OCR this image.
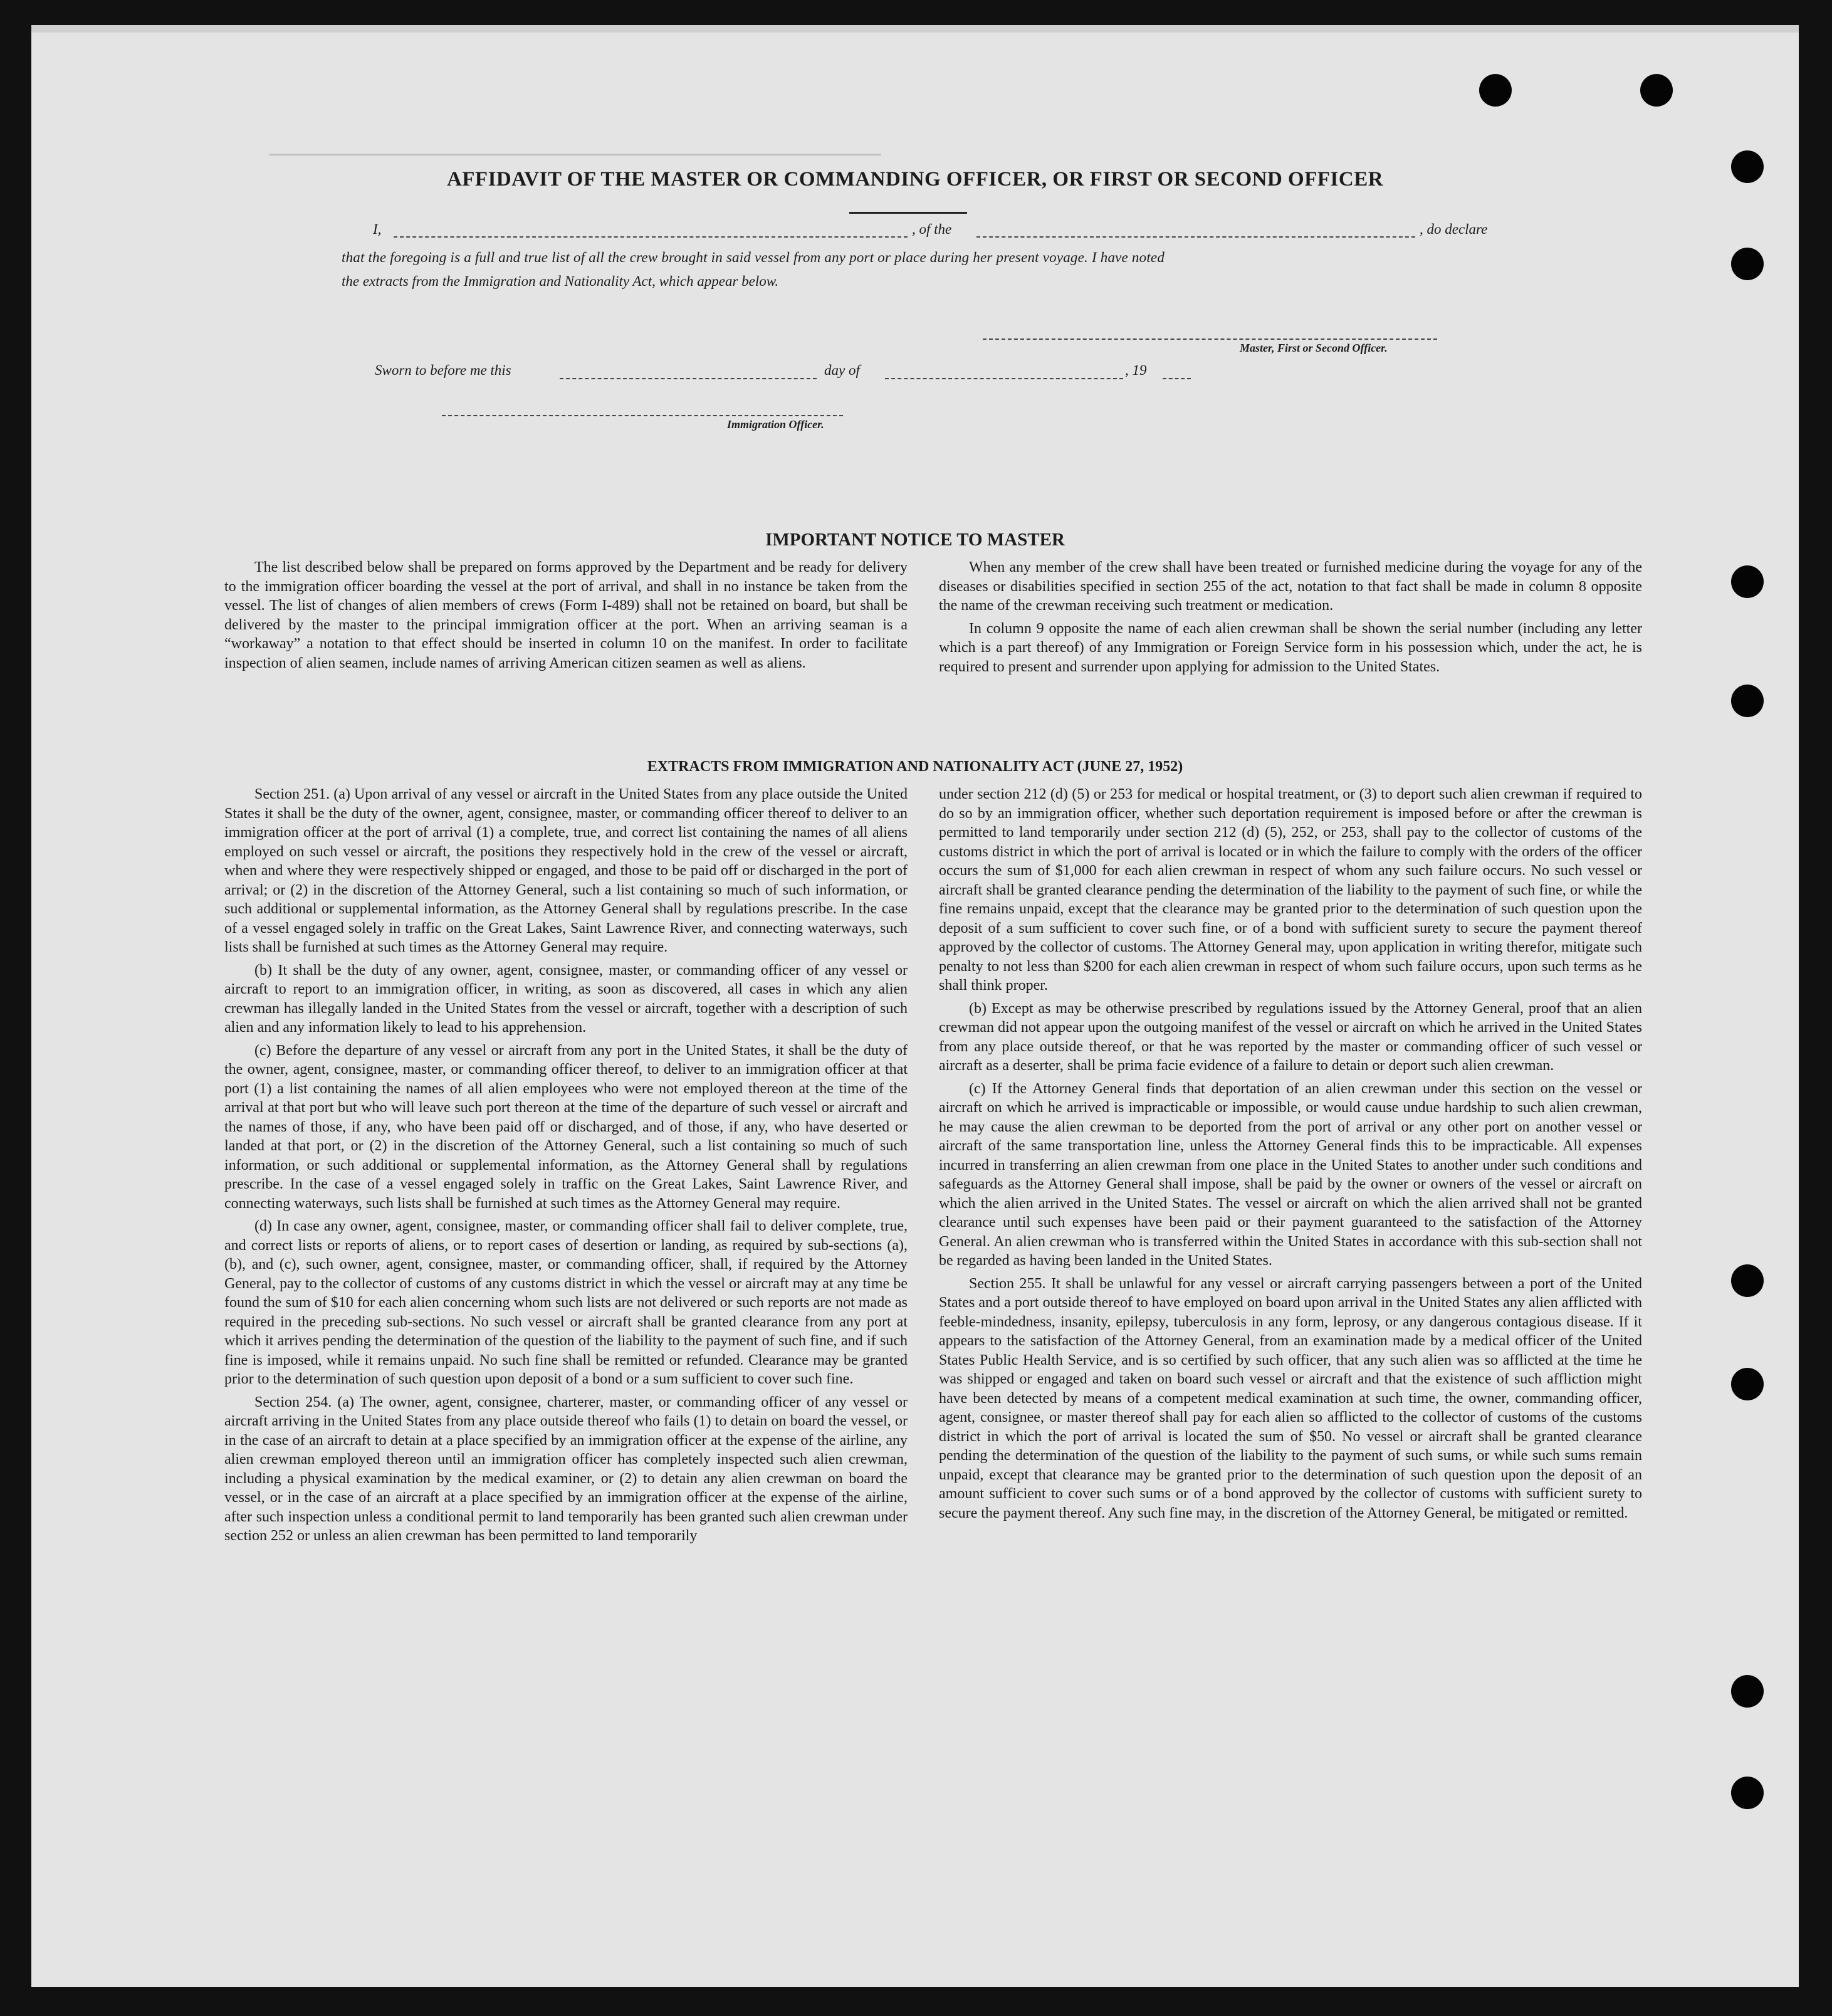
──────────────────────────────────────────────────────
AFFIDAVIT OF THE MASTER OR COMMANDING OFFICER, OR FIRST OR SECOND OFFICER
I,	, of the	, do declare
that the foregoing is a full and true list of all the crew brought in said vessel from any port or place during her present voyage. I have noted
the extracts from the Immigration and Nationality Act, which appear below.
Master, First or Second Officer.
Sworn to before me this	day of	, 19
Immigration Officer.
IMPORTANT NOTICE TO MASTER

The list described below shall be prepared on forms approved by the Department and be ready for delivery to the immigration officer boarding the vessel at the port of arrival, and shall in no instance be taken from the vessel. The list of changes of alien members of crews (Form I-489) shall not be retained on board, but shall be delivered by the master to the principal immigration officer at the port. When an arriving seaman is a “workaway” a notation to that effect should be inserted in column 10 on the manifest. In order to facilitate inspection of alien seamen, include names of arriving American citizen seamen as well as aliens.

When any member of the crew shall have been treated or furnished medicine during the voyage for any of the diseases or disabilities specified in section 255 of the act, notation to that fact shall be made in column 8 opposite the name of the crewman receiving such treatment or medication.

In column 9 opposite the name of each alien crewman shall be shown the serial number (including any letter which is a part thereof) of any Immigration or Foreign Service form in his possession which, under the act, he is required to present and surrender upon applying for admission to the United States.

EXTRACTS FROM IMMIGRATION AND NATIONALITY ACT (JUNE 27, 1952)

Section 251. (a) Upon arrival of any vessel or aircraft in the United States from any place outside the United States it shall be the duty of the owner, agent, consignee, master, or commanding officer thereof to deliver to an immigration officer at the port of arrival (1) a complete, true, and correct list containing the names of all aliens employed on such vessel or aircraft, the positions they respectively hold in the crew of the vessel or aircraft, when and where they were respectively shipped or engaged, and those to be paid off or discharged in the port of arrival; or (2) in the discretion of the Attorney General, such a list containing so much of such information, or such additional or supplemental information, as the Attorney General shall by regulations prescribe. In the case of a vessel engaged solely in traffic on the Great Lakes, Saint Lawrence River, and connecting waterways, such lists shall be furnished at such times as the Attorney General may require.

(b) It shall be the duty of any owner, agent, consignee, master, or commanding officer of any vessel or aircraft to report to an immigration officer, in writing, as soon as discovered, all cases in which any alien crewman has illegally landed in the United States from the vessel or aircraft, together with a description of such alien and any information likely to lead to his apprehension.

(c) Before the departure of any vessel or aircraft from any port in the United States, it shall be the duty of the owner, agent, consignee, master, or commanding officer thereof, to deliver to an immigration officer at that port (1) a list containing the names of all alien employees who were not employed thereon at the time of the arrival at that port but who will leave such port thereon at the time of the departure of such vessel or aircraft and the names of those, if any, who have been paid off or discharged, and of those, if any, who have deserted or landed at that port, or (2) in the discretion of the Attorney General, such a list containing so much of such information, or such additional or supplemental information, as the Attorney General shall by regulations prescribe. In the case of a vessel engaged solely in traffic on the Great Lakes, Saint Lawrence River, and connecting waterways, such lists shall be furnished at such times as the Attorney General may require.

(d) In case any owner, agent, consignee, master, or commanding officer shall fail to deliver complete, true, and correct lists or reports of aliens, or to report cases of desertion or landing, as required by sub-sections (a), (b), and (c), such owner, agent, consignee, master, or commanding officer, shall, if required by the Attorney General, pay to the collector of customs of any customs district in which the vessel or aircraft may at any time be found the sum of $10 for each alien concerning whom such lists are not delivered or such reports are not made as required in the preceding sub-sections. No such vessel or aircraft shall be granted clearance from any port at which it arrives pending the determination of the question of the liability to the payment of such fine, and if such fine is imposed, while it remains unpaid. No such fine shall be remitted or refunded. Clearance may be granted prior to the determination of such question upon deposit of a bond or a sum sufficient to cover such fine.

Section 254. (a) The owner, agent, consignee, charterer, master, or commanding officer of any vessel or aircraft arriving in the United States from any place outside thereof who fails (1) to detain on board the vessel, or in the case of an aircraft to detain at a place specified by an immigration officer at the expense of the airline, any alien crewman employed thereon until an immigration officer has completely inspected such alien crewman, including a physical examination by the medical examiner, or (2) to detain any alien crewman on board the vessel, or in the case of an aircraft at a place specified by an immigration officer at the expense of the airline, after such inspection unless a conditional permit to land temporarily has been granted such alien crewman under section 252 or unless an alien crewman has been permitted to land temporarily

under section 212 (d) (5) or 253 for medical or hospital treatment, or (3) to deport such alien crewman if required to do so by an immigration officer, whether such deportation requirement is imposed before or after the crewman is permitted to land temporarily under section 212 (d) (5), 252, or 253, shall pay to the collector of customs of the customs district in which the port of arrival is located or in which the failure to comply with the orders of the officer occurs the sum of $1,000 for each alien crewman in respect of whom any such failure occurs. No such vessel or aircraft shall be granted clearance pending the determination of the liability to the payment of such fine, or while the fine remains unpaid, except that the clearance may be granted prior to the determination of such question upon the deposit of a sum sufficient to cover such fine, or of a bond with sufficient surety to secure the payment thereof approved by the collector of customs. The Attorney General may, upon application in writing therefor, mitigate such penalty to not less than $200 for each alien crewman in respect of whom such failure occurs, upon such terms as he shall think proper.

(b) Except as may be otherwise prescribed by regulations issued by the Attorney General, proof that an alien crewman did not appear upon the outgoing manifest of the vessel or aircraft on which he arrived in the United States from any place outside thereof, or that he was reported by the master or commanding officer of such vessel or aircraft as a deserter, shall be prima facie evidence of a failure to detain or deport such alien crewman.

(c) If the Attorney General finds that deportation of an alien crewman under this section on the vessel or aircraft on which he arrived is impracticable or impossible, or would cause undue hardship to such alien crewman, he may cause the alien crewman to be deported from the port of arrival or any other port on another vessel or aircraft of the same transportation line, unless the Attorney General finds this to be impracticable. All expenses incurred in transferring an alien crewman from one place in the United States to another under such conditions and safeguards as the Attorney General shall impose, shall be paid by the owner or owners of the vessel or aircraft on which the alien arrived in the United States. The vessel or aircraft on which the alien arrived shall not be granted clearance until such expenses have been paid or their payment guaranteed to the satisfaction of the Attorney General. An alien crewman who is transferred within the United States in accordance with this sub-section shall not be regarded as having been landed in the United States.

Section 255. It shall be unlawful for any vessel or aircraft carrying passengers between a port of the United States and a port outside thereof to have employed on board upon arrival in the United States any alien afflicted with feeble-mindedness, insanity, epilepsy, tuberculosis in any form, leprosy, or any dangerous contagious disease. If it appears to the satisfaction of the Attorney General, from an examination made by a medical officer of the United States Public Health Service, and is so certified by such officer, that any such alien was so afflicted at the time he was shipped or engaged and taken on board such vessel or aircraft and that the existence of such affliction might have been detected by means of a competent medical examination at such time, the owner, commanding officer, agent, consignee, or master thereof shall pay for each alien so afflicted to the collector of customs of the customs district in which the port of arrival is located the sum of $50. No vessel or aircraft shall be granted clearance pending the determination of the question of the liability to the payment of such sums, or while such sums remain unpaid, except that clearance may be granted prior to the determination of such question upon the deposit of an amount sufficient to cover such sums or of a bond approved by the collector of customs with sufficient surety to secure the payment thereof. Any such fine may, in the discretion of the Attorney General, be mitigated or remitted.
